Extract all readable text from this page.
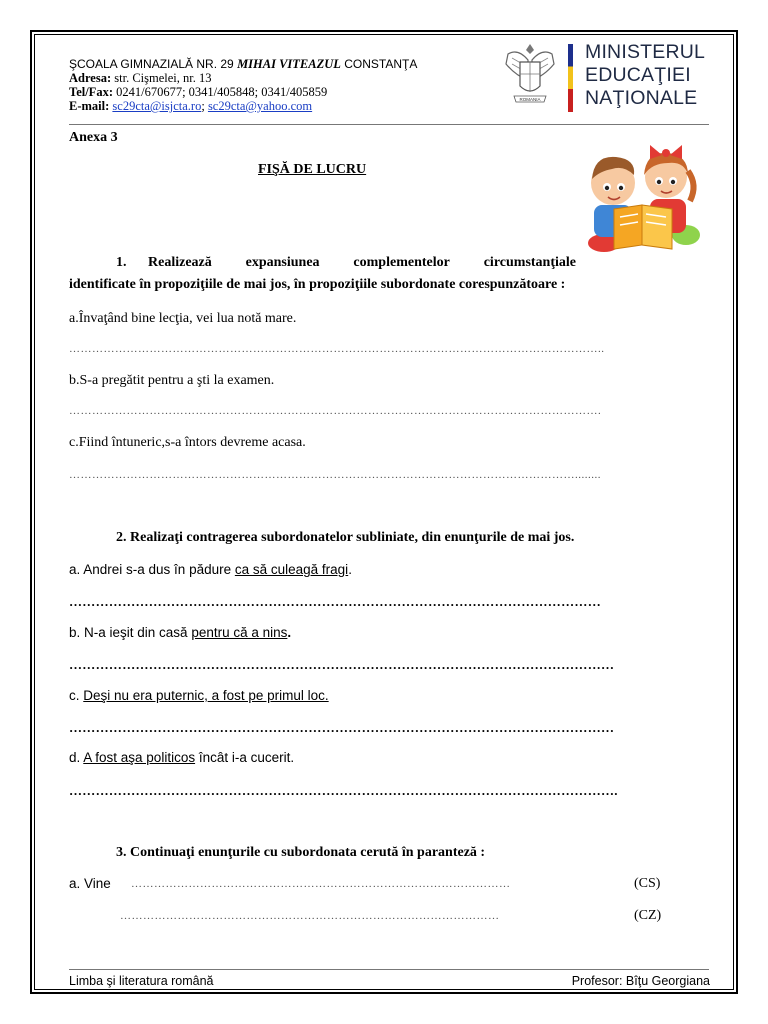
ŞCOALA GIMNAZIALĂ NR. 29 MIHAI VITEAZUL CONSTANŢA
Adresa: str. Cişmelei, nr. 13
Tel/Fax: 0241/670677; 0341/405848; 0341/405859
E-mail: sc29cta@isjcta.ro; sc29cta@yahoo.com	ROMANIA
MINISTERUL
EDUCAŢIEI
NAŢIONALE
Anexa 3
FIŞĂ DE LUCRU
1. Realizează expansiunea complementelor circumstanţiale
identificate în propoziţiile de mai jos, în propoziţiile subordonate corespunzătoare :
a.Învaţând bine lecţia, vei lua notă mare.
…………………………………………………………………………………………………………………………..
b.S-a pregătit pentru a şti la examen.
………………………………………………………………………………………………………………………….
c.Fiind întuneric,s-a întors devreme acasa.
……………………………………………………………………………………………………………………........
2. Realizaţi contragerea subordonatelor subliniate, din enunţurile de mai jos.
a. Andrei s-a dus în pădure ca să culeagă fragi.
…………………………………………………………………………………………………………
b. N-a ieşit din casă pentru că a nins.
……………………………………………………………………………………………………………
c. Deşi nu era puternic, a fost pe primul loc.
……………………………………………………………………………………………………………
d. A fost aşa politicos încât i-a cucerit.
…………………………………………………………………………………………………………….
3. Continuaţi enunţurile cu subordonata cerută în paranteză :
a. Vine ………………………………………………………………………………………	(CS)
………………………………………………………………………………………	(CZ)
Limba şi literatura română	Profesor: Bîţu Georgiana
